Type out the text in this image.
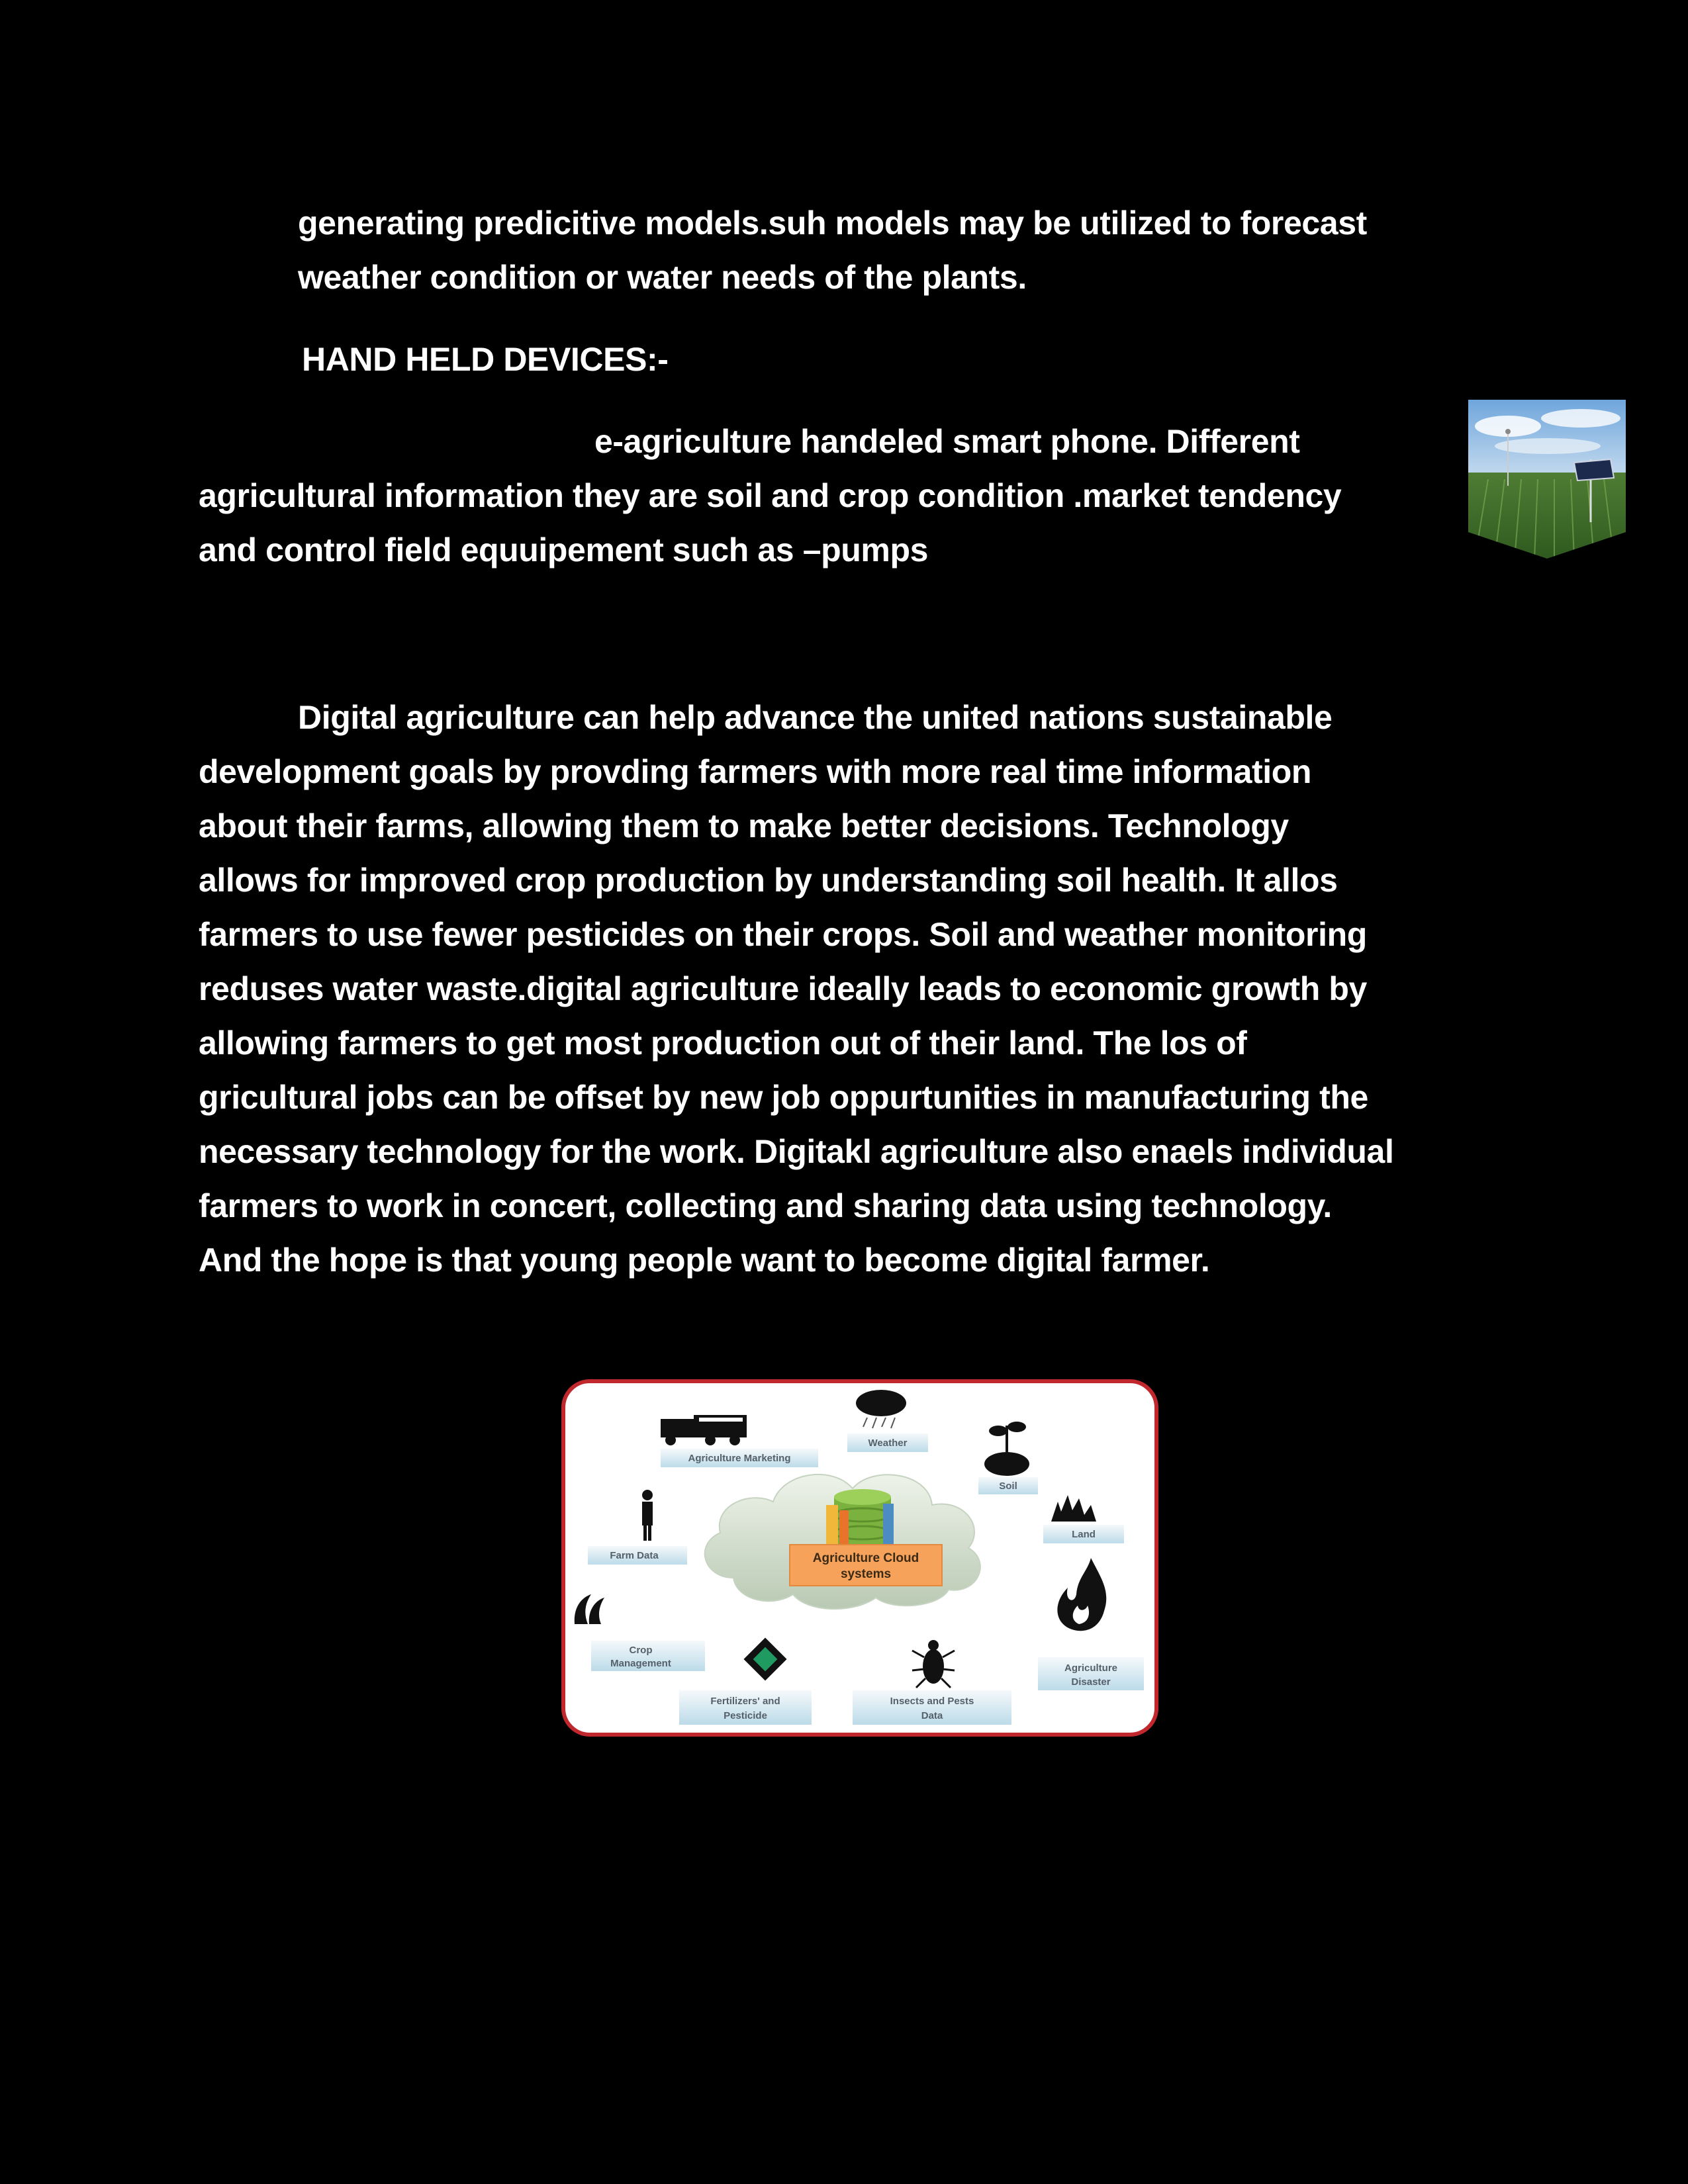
generating predicitive models.suh models may be utilized to forecast

weather condition or water needs of the plants.

HAND HELD DEVICES:-

e-agriculture handeled smart phone. Different

agricultural information they are soil and crop condition .market tendency

and control field equuipement such as –pumps

Digital agriculture can help advance the united nations sustainable
development goals by provding farmers with more real time information
about their farms, allowing them to make better decisions. Technology
allows for improved crop production by understanding soil health. It allos
farmers to use fewer pesticides on their crops. Soil and weather monitoring
reduses water waste.digital agriculture ideally leads to economic growth by
allowing farmers to get most production out of their land. The los of
gricultural jobs can be offset by new job oppurtunities in manufacturing the
necessary technology for the work. Digitakl agriculture also enaels individual
farmers to work in concert, collecting and sharing data using technology.
And the hope is that young people want to become digital farmer.
Agriculture Cloud
systems
Agriculture Marketing
Weather
Soil
Land
Farm Data
Crop
Management
Fertilizers' and
Pesticide
Insects and Pests
Data
Agriculture
Disaster
